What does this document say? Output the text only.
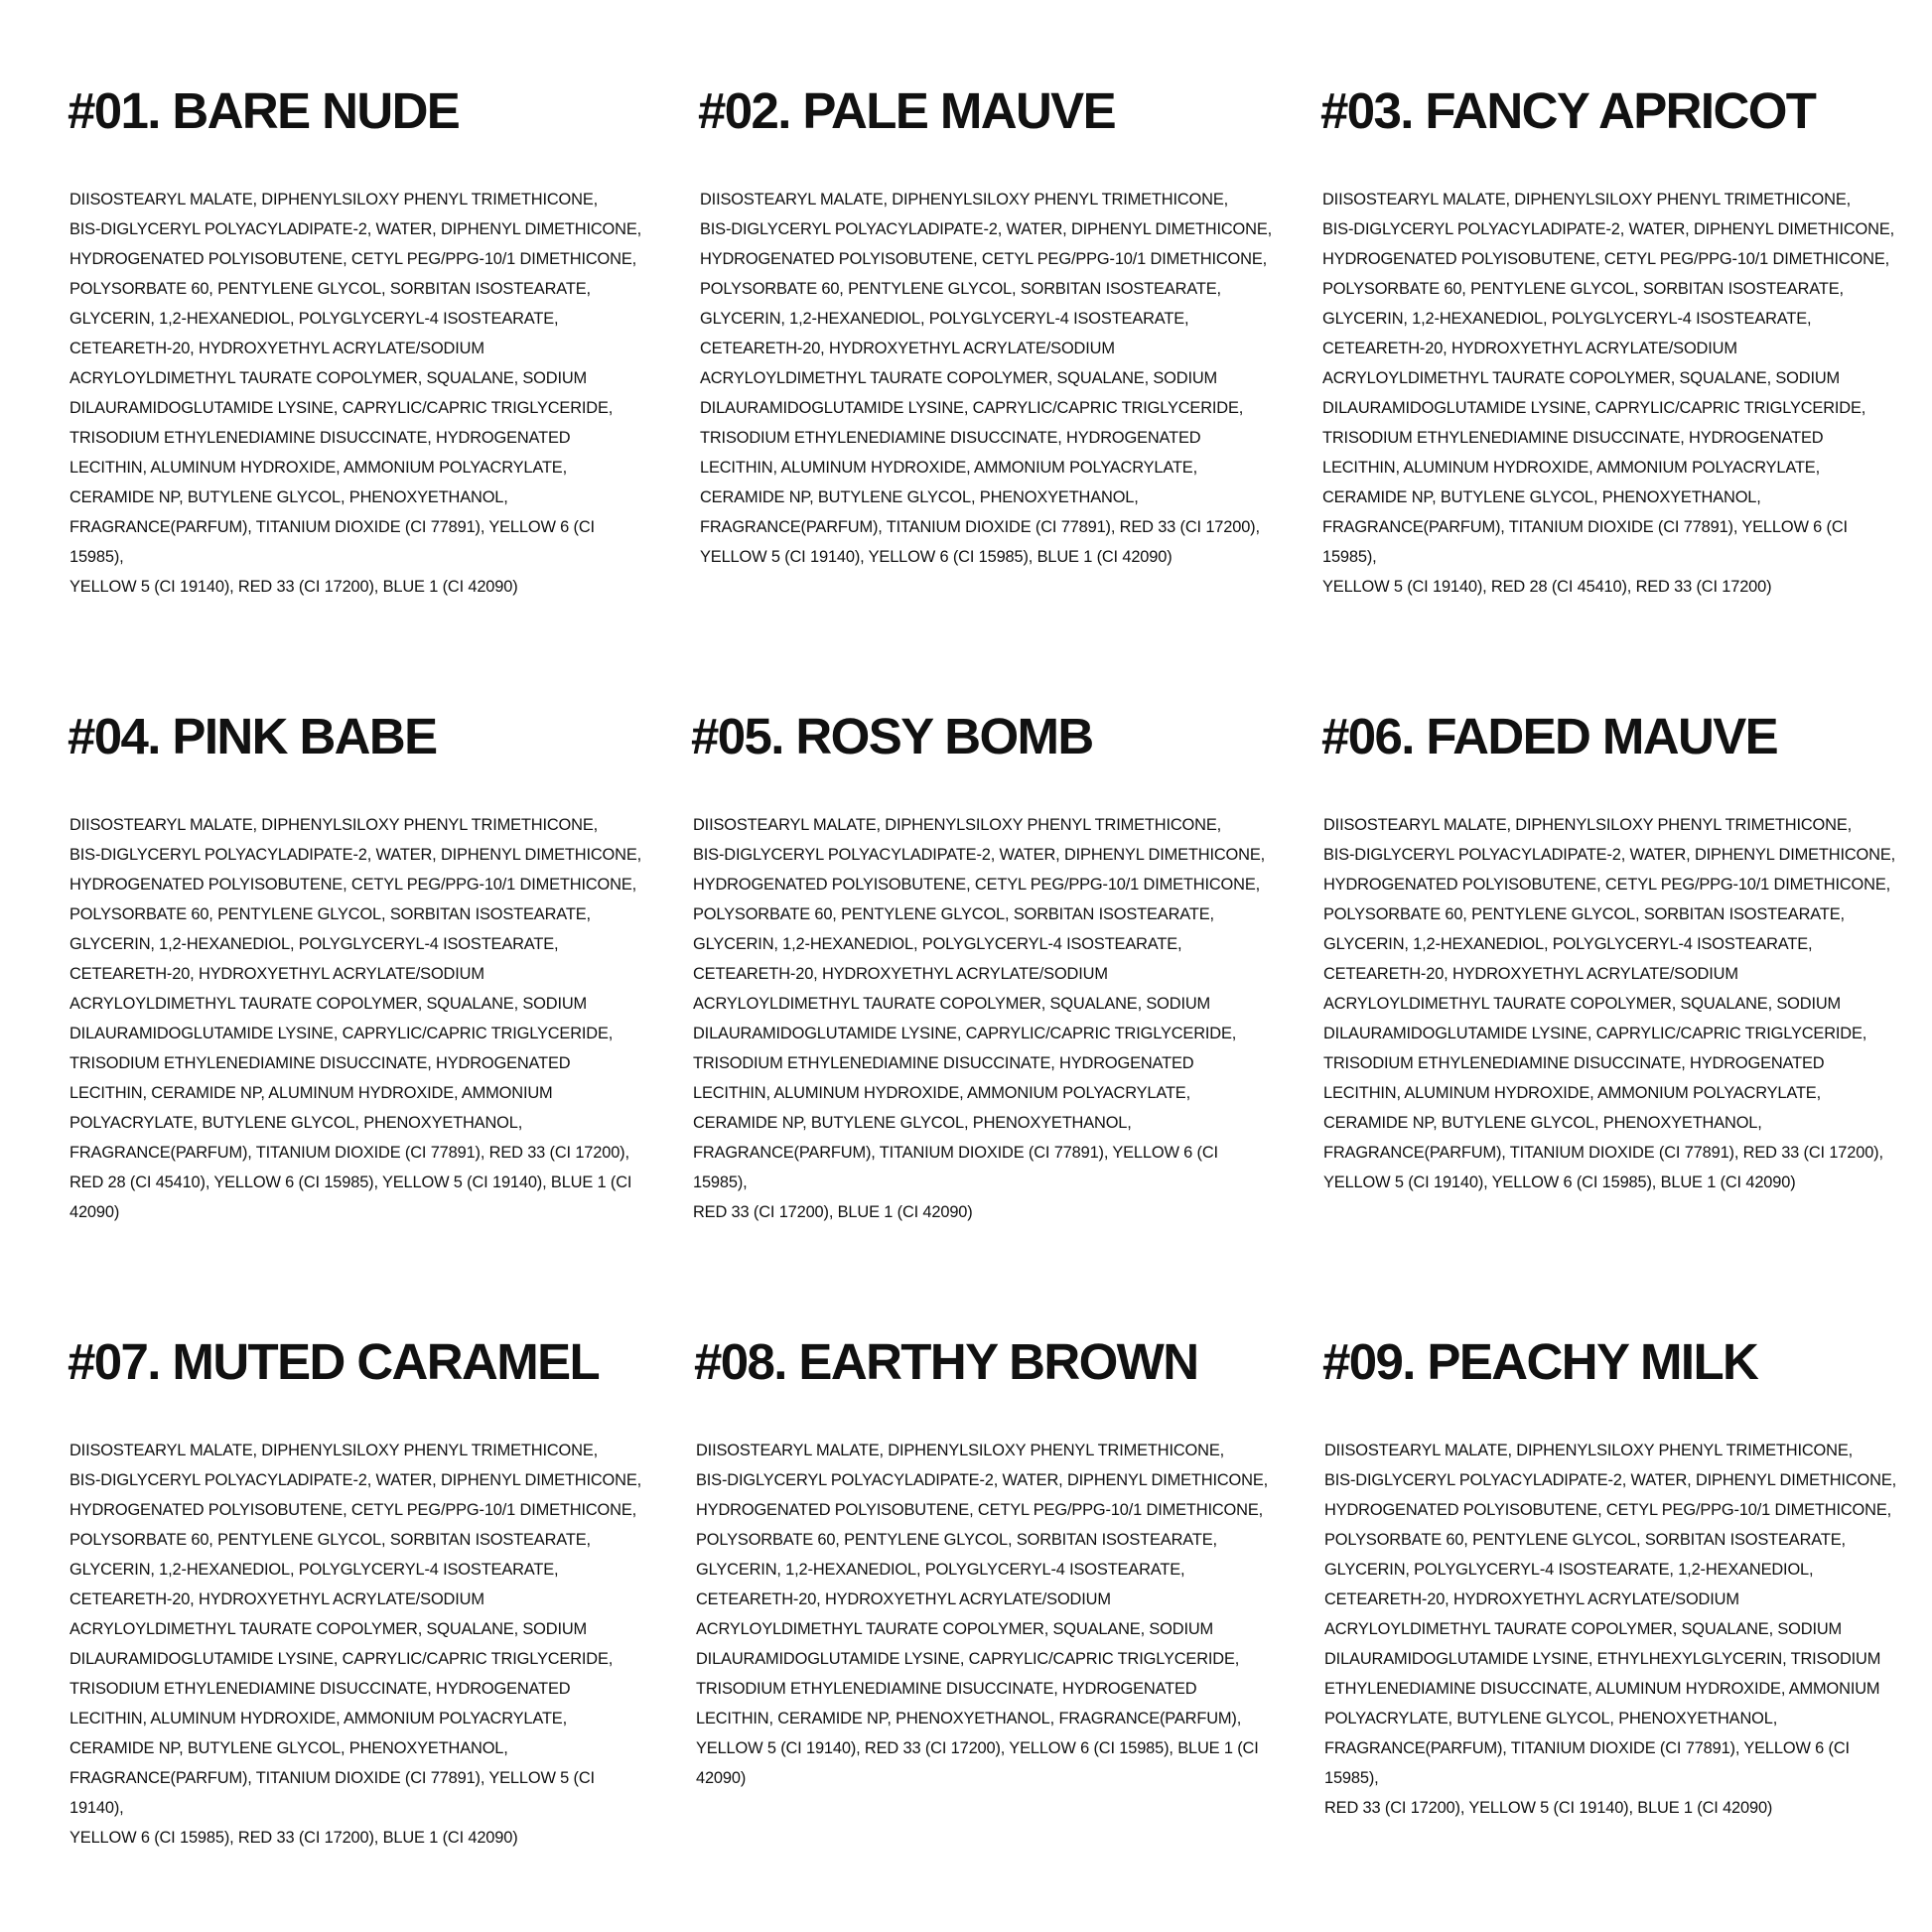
#01. BARE NUDE

DIISOSTEARYL MALATE, DIPHENYLSILOXY PHENYL TRIMETHICONE,
BIS-DIGLYCERYL POLYACYLADIPATE-2, WATER, DIPHENYL DIMETHICONE,
HYDROGENATED POLYISOBUTENE, CETYL PEG/PPG-10/1 DIMETHICONE,
POLYSORBATE 60, PENTYLENE GLYCOL, SORBITAN ISOSTEARATE,
GLYCERIN, 1,2-HEXANEDIOL, POLYGLYCERYL-4 ISOSTEARATE,
CETEARETH-20, HYDROXYETHYL ACRYLATE/SODIUM
ACRYLOYLDIMETHYL TAURATE COPOLYMER, SQUALANE, SODIUM
DILAURAMIDOGLUTAMIDE LYSINE, CAPRYLIC/CAPRIC TRIGLYCERIDE,
TRISODIUM ETHYLENEDIAMINE DISUCCINATE, HYDROGENATED
LECITHIN, ALUMINUM HYDROXIDE, AMMONIUM POLYACRYLATE,
CERAMIDE NP, BUTYLENE GLYCOL, PHENOXYETHANOL,
FRAGRANCE(PARFUM), TITANIUM DIOXIDE (CI 77891), YELLOW 6 (CI 15985),
YELLOW 5 (CI 19140), RED 33 (CI 17200), BLUE 1 (CI 42090)

#02. PALE MAUVE

DIISOSTEARYL MALATE, DIPHENYLSILOXY PHENYL TRIMETHICONE,
BIS-DIGLYCERYL POLYACYLADIPATE-2, WATER, DIPHENYL DIMETHICONE,
HYDROGENATED POLYISOBUTENE, CETYL PEG/PPG-10/1 DIMETHICONE,
POLYSORBATE 60, PENTYLENE GLYCOL, SORBITAN ISOSTEARATE,
GLYCERIN, 1,2-HEXANEDIOL, POLYGLYCERYL-4 ISOSTEARATE,
CETEARETH-20, HYDROXYETHYL ACRYLATE/SODIUM
ACRYLOYLDIMETHYL TAURATE COPOLYMER, SQUALANE, SODIUM
DILAURAMIDOGLUTAMIDE LYSINE, CAPRYLIC/CAPRIC TRIGLYCERIDE,
TRISODIUM ETHYLENEDIAMINE DISUCCINATE, HYDROGENATED
LECITHIN, ALUMINUM HYDROXIDE, AMMONIUM POLYACRYLATE,
CERAMIDE NP, BUTYLENE GLYCOL, PHENOXYETHANOL,
FRAGRANCE(PARFUM), TITANIUM DIOXIDE (CI 77891), RED 33 (CI 17200),
YELLOW 5 (CI 19140), YELLOW 6 (CI 15985), BLUE 1 (CI 42090)

#03. FANCY APRICOT

DIISOSTEARYL MALATE, DIPHENYLSILOXY PHENYL TRIMETHICONE,
BIS-DIGLYCERYL POLYACYLADIPATE-2, WATER, DIPHENYL DIMETHICONE,
HYDROGENATED POLYISOBUTENE, CETYL PEG/PPG-10/1 DIMETHICONE,
POLYSORBATE 60, PENTYLENE GLYCOL, SORBITAN ISOSTEARATE,
GLYCERIN, 1,2-HEXANEDIOL, POLYGLYCERYL-4 ISOSTEARATE,
CETEARETH-20, HYDROXYETHYL ACRYLATE/SODIUM
ACRYLOYLDIMETHYL TAURATE COPOLYMER, SQUALANE, SODIUM
DILAURAMIDOGLUTAMIDE LYSINE, CAPRYLIC/CAPRIC TRIGLYCERIDE,
TRISODIUM ETHYLENEDIAMINE DISUCCINATE, HYDROGENATED
LECITHIN, ALUMINUM HYDROXIDE, AMMONIUM POLYACRYLATE,
CERAMIDE NP, BUTYLENE GLYCOL, PHENOXYETHANOL,
FRAGRANCE(PARFUM), TITANIUM DIOXIDE (CI 77891), YELLOW 6 (CI 15985),
YELLOW 5 (CI 19140), RED 28 (CI 45410), RED 33 (CI 17200)

#04. PINK BABE

DIISOSTEARYL MALATE, DIPHENYLSILOXY PHENYL TRIMETHICONE,
BIS-DIGLYCERYL POLYACYLADIPATE-2, WATER, DIPHENYL DIMETHICONE,
HYDROGENATED POLYISOBUTENE, CETYL PEG/PPG-10/1 DIMETHICONE,
POLYSORBATE 60, PENTYLENE GLYCOL, SORBITAN ISOSTEARATE,
GLYCERIN, 1,2-HEXANEDIOL, POLYGLYCERYL-4 ISOSTEARATE,
CETEARETH-20, HYDROXYETHYL ACRYLATE/SODIUM
ACRYLOYLDIMETHYL TAURATE COPOLYMER, SQUALANE, SODIUM
DILAURAMIDOGLUTAMIDE LYSINE, CAPRYLIC/CAPRIC TRIGLYCERIDE,
TRISODIUM ETHYLENEDIAMINE DISUCCINATE, HYDROGENATED
LECITHIN, CERAMIDE NP, ALUMINUM HYDROXIDE, AMMONIUM
POLYACRYLATE, BUTYLENE GLYCOL, PHENOXYETHANOL,
FRAGRANCE(PARFUM), TITANIUM DIOXIDE (CI 77891), RED 33 (CI 17200),
RED 28 (CI 45410), YELLOW 6 (CI 15985), YELLOW 5 (CI 19140), BLUE 1 (CI
42090)

#05. ROSY BOMB

DIISOSTEARYL MALATE, DIPHENYLSILOXY PHENYL TRIMETHICONE,
BIS-DIGLYCERYL POLYACYLADIPATE-2, WATER, DIPHENYL DIMETHICONE,
HYDROGENATED POLYISOBUTENE, CETYL PEG/PPG-10/1 DIMETHICONE,
POLYSORBATE 60, PENTYLENE GLYCOL, SORBITAN ISOSTEARATE,
GLYCERIN, 1,2-HEXANEDIOL, POLYGLYCERYL-4 ISOSTEARATE,
CETEARETH-20, HYDROXYETHYL ACRYLATE/SODIUM
ACRYLOYLDIMETHYL TAURATE COPOLYMER, SQUALANE, SODIUM
DILAURAMIDOGLUTAMIDE LYSINE, CAPRYLIC/CAPRIC TRIGLYCERIDE,
TRISODIUM ETHYLENEDIAMINE DISUCCINATE, HYDROGENATED
LECITHIN, ALUMINUM HYDROXIDE, AMMONIUM POLYACRYLATE,
CERAMIDE NP, BUTYLENE GLYCOL, PHENOXYETHANOL,
FRAGRANCE(PARFUM), TITANIUM DIOXIDE (CI 77891), YELLOW 6 (CI 15985),
RED 33 (CI 17200), BLUE 1 (CI 42090)

#06. FADED MAUVE

DIISOSTEARYL MALATE, DIPHENYLSILOXY PHENYL TRIMETHICONE,
BIS-DIGLYCERYL POLYACYLADIPATE-2, WATER, DIPHENYL DIMETHICONE,
HYDROGENATED POLYISOBUTENE, CETYL PEG/PPG-10/1 DIMETHICONE,
POLYSORBATE 60, PENTYLENE GLYCOL, SORBITAN ISOSTEARATE,
GLYCERIN, 1,2-HEXANEDIOL, POLYGLYCERYL-4 ISOSTEARATE,
CETEARETH-20, HYDROXYETHYL ACRYLATE/SODIUM
ACRYLOYLDIMETHYL TAURATE COPOLYMER, SQUALANE, SODIUM
DILAURAMIDOGLUTAMIDE LYSINE, CAPRYLIC/CAPRIC TRIGLYCERIDE,
TRISODIUM ETHYLENEDIAMINE DISUCCINATE, HYDROGENATED
LECITHIN, ALUMINUM HYDROXIDE, AMMONIUM POLYACRYLATE,
CERAMIDE NP, BUTYLENE GLYCOL, PHENOXYETHANOL,
FRAGRANCE(PARFUM), TITANIUM DIOXIDE (CI 77891), RED 33 (CI 17200),
YELLOW 5 (CI 19140), YELLOW 6 (CI 15985), BLUE 1 (CI 42090)

#07. MUTED CARAMEL

DIISOSTEARYL MALATE, DIPHENYLSILOXY PHENYL TRIMETHICONE,
BIS-DIGLYCERYL POLYACYLADIPATE-2, WATER, DIPHENYL DIMETHICONE,
HYDROGENATED POLYISOBUTENE, CETYL PEG/PPG-10/1 DIMETHICONE,
POLYSORBATE 60, PENTYLENE GLYCOL, SORBITAN ISOSTEARATE,
GLYCERIN, 1,2-HEXANEDIOL, POLYGLYCERYL-4 ISOSTEARATE,
CETEARETH-20, HYDROXYETHYL ACRYLATE/SODIUM
ACRYLOYLDIMETHYL TAURATE COPOLYMER, SQUALANE, SODIUM
DILAURAMIDOGLUTAMIDE LYSINE, CAPRYLIC/CAPRIC TRIGLYCERIDE,
TRISODIUM ETHYLENEDIAMINE DISUCCINATE, HYDROGENATED
LECITHIN, ALUMINUM HYDROXIDE, AMMONIUM POLYACRYLATE,
CERAMIDE NP, BUTYLENE GLYCOL, PHENOXYETHANOL,
FRAGRANCE(PARFUM), TITANIUM DIOXIDE (CI 77891), YELLOW 5 (CI 19140),
YELLOW 6 (CI 15985), RED 33 (CI 17200), BLUE 1 (CI 42090)

#08. EARTHY BROWN

DIISOSTEARYL MALATE, DIPHENYLSILOXY PHENYL TRIMETHICONE,
BIS-DIGLYCERYL POLYACYLADIPATE-2, WATER, DIPHENYL DIMETHICONE,
HYDROGENATED POLYISOBUTENE, CETYL PEG/PPG-10/1 DIMETHICONE,
POLYSORBATE 60, PENTYLENE GLYCOL, SORBITAN ISOSTEARATE,
GLYCERIN, 1,2-HEXANEDIOL, POLYGLYCERYL-4 ISOSTEARATE,
CETEARETH-20, HYDROXYETHYL ACRYLATE/SODIUM
ACRYLOYLDIMETHYL TAURATE COPOLYMER, SQUALANE, SODIUM
DILAURAMIDOGLUTAMIDE LYSINE, CAPRYLIC/CAPRIC TRIGLYCERIDE,
TRISODIUM ETHYLENEDIAMINE DISUCCINATE, HYDROGENATED
LECITHIN, CERAMIDE NP, PHENOXYETHANOL, FRAGRANCE(PARFUM),
YELLOW 5 (CI 19140), RED 33 (CI 17200), YELLOW 6 (CI 15985), BLUE 1 (CI
42090)

#09. PEACHY MILK

DIISOSTEARYL MALATE, DIPHENYLSILOXY PHENYL TRIMETHICONE,
BIS-DIGLYCERYL POLYACYLADIPATE-2, WATER, DIPHENYL DIMETHICONE,
HYDROGENATED POLYISOBUTENE, CETYL PEG/PPG-10/1 DIMETHICONE,
POLYSORBATE 60, PENTYLENE GLYCOL, SORBITAN ISOSTEARATE,
GLYCERIN, POLYGLYCERYL-4 ISOSTEARATE, 1,2-HEXANEDIOL,
CETEARETH-20, HYDROXYETHYL ACRYLATE/SODIUM
ACRYLOYLDIMETHYL TAURATE COPOLYMER, SQUALANE, SODIUM
DILAURAMIDOGLUTAMIDE LYSINE, ETHYLHEXYLGLYCERIN, TRISODIUM
ETHYLENEDIAMINE DISUCCINATE, ALUMINUM HYDROXIDE, AMMONIUM
POLYACRYLATE, BUTYLENE GLYCOL, PHENOXYETHANOL,
FRAGRANCE(PARFUM), TITANIUM DIOXIDE (CI 77891), YELLOW 6 (CI 15985),
RED 33 (CI 17200), YELLOW 5 (CI 19140), BLUE 1 (CI 42090)
